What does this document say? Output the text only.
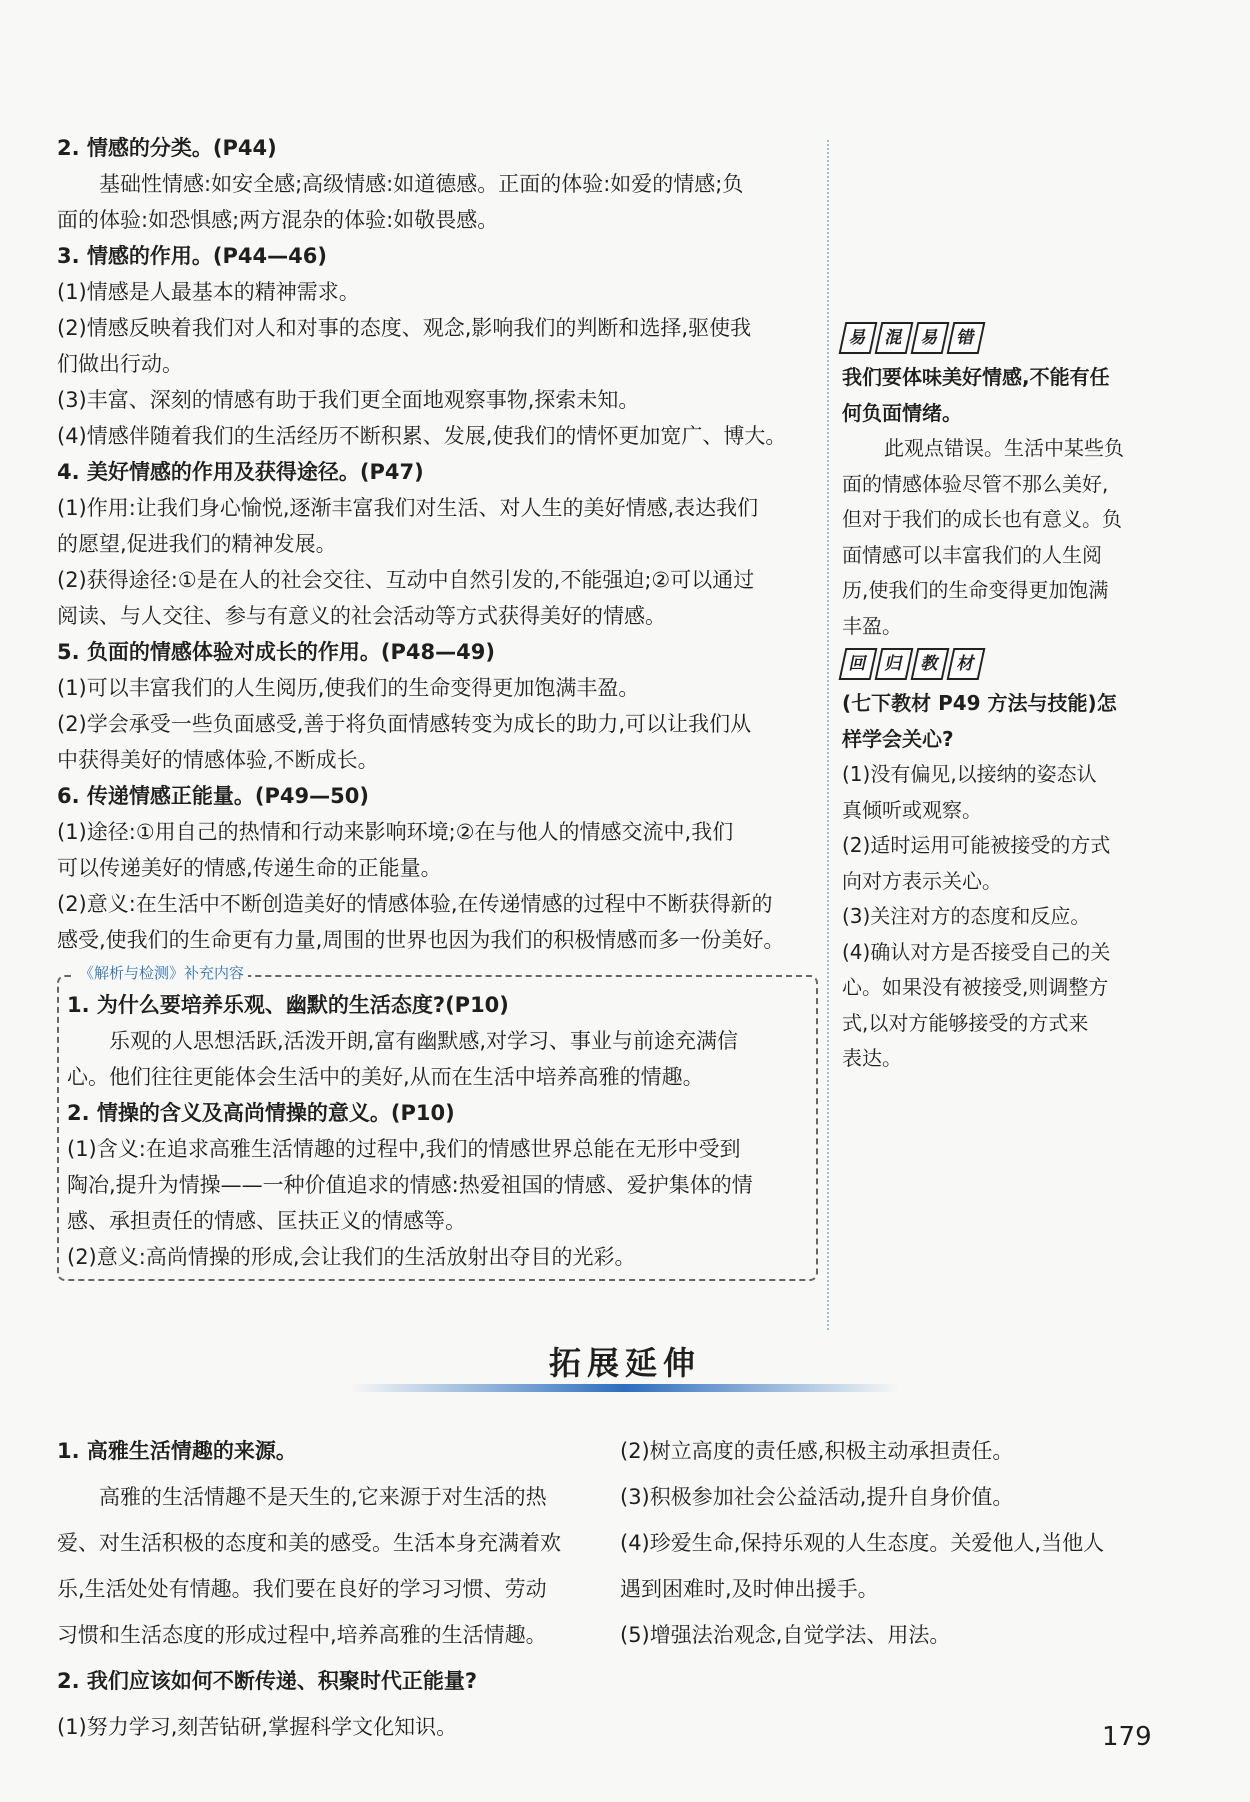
2. 情感的分类。(P44)
基础性情感:如安全感;高级情感:如道德感。正面的体验:如爱的情感;负
面的体验:如恐惧感;两方混杂的体验:如敬畏感。
3. 情感的作用。(P44—46)
(1)情感是人最基本的精神需求。
(2)情感反映着我们对人和对事的态度、观念,影响我们的判断和选择,驱使我
们做出行动。
(3)丰富、深刻的情感有助于我们更全面地观察事物,探索未知。
(4)情感伴随着我们的生活经历不断积累、发展,使我们的情怀更加宽广、博大。
4. 美好情感的作用及获得途径。(P47)
(1)作用:让我们身心愉悦,逐渐丰富我们对生活、对人生的美好情感,表达我们
的愿望,促进我们的精神发展。
(2)获得途径:①是在人的社会交往、互动中自然引发的,不能强迫;②可以通过
阅读、与人交往、参与有意义的社会活动等方式获得美好的情感。
5. 负面的情感体验对成长的作用。(P48—49)
(1)可以丰富我们的人生阅历,使我们的生命变得更加饱满丰盈。
(2)学会承受一些负面感受,善于将负面情感转变为成长的助力,可以让我们从
中获得美好的情感体验,不断成长。
6. 传递情感正能量。(P49—50)
(1)途径:①用自己的热情和行动来影响环境;②在与他人的情感交流中,我们
可以传递美好的情感,传递生命的正能量。
(2)意义:在生活中不断创造美好的情感体验,在传递情感的过程中不断获得新的
感受,使我们的生命更有力量,周围的世界也因为我们的积极情感而多一份美好。
易 混 易 错
我们要体味美好情感,不能有任
何负面情绪。
此观点错误。生活中某些负
面的情感体验尽管不那么美好,
但对于我们的成长也有意义。负
面情感可以丰富我们的人生阅
历,使我们的生命变得更加饱满
丰盈。
回 归 教 材
(七下教材 P49 方法与技能)怎
样学会关心?
(1)没有偏见,以接纳的姿态认
真倾听或观察。
(2)适时运用可能被接受的方式
向对方表示关心。
(3)关注对方的态度和反应。
(4)确认对方是否接受自己的关
心。如果没有被接受,则调整方
式,以对方能够接受的方式来
表达。
《解析与检测》补充内容
1. 为什么要培养乐观、幽默的生活态度?(P10)
乐观的人思想活跃,活泼开朗,富有幽默感,对学习、事业与前途充满信
心。他们往往更能体会生活中的美好,从而在生活中培养高雅的情趣。
2. 情操的含义及高尚情操的意义。(P10)
(1)含义:在追求高雅生活情趣的过程中,我们的情感世界总能在无形中受到
陶冶,提升为情操——一种价值追求的情感:热爱祖国的情感、爱护集体的情
感、承担责任的情感、匡扶正义的情感等。
(2)意义:高尚情操的形成,会让我们的生活放射出夺目的光彩。
拓展延伸
1. 高雅生活情趣的来源。
高雅的生活情趣不是天生的,它来源于对生活的热
爱、对生活积极的态度和美的感受。生活本身充满着欢
乐,生活处处有情趣。我们要在良好的学习习惯、劳动
习惯和生活态度的形成过程中,培养高雅的生活情趣。
2. 我们应该如何不断传递、积聚时代正能量?
(1)努力学习,刻苦钻研,掌握科学文化知识。
(2)树立高度的责任感,积极主动承担责任。
(3)积极参加社会公益活动,提升自身价值。
(4)珍爱生命,保持乐观的人生态度。关爱他人,当他人
遇到困难时,及时伸出援手。
(5)增强法治观念,自觉学法、用法。
179
